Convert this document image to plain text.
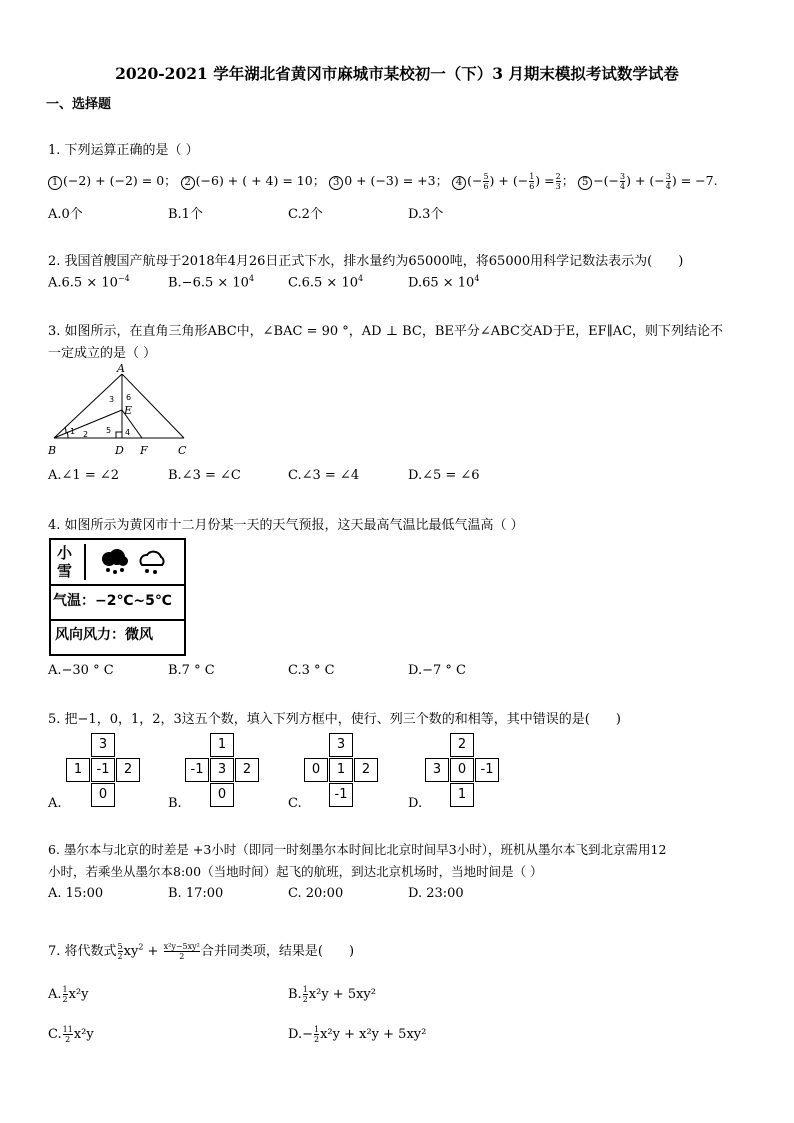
2020-2021 学年湖北省黄冈市麻城市某校初一（下）3 月期末模拟考试数学试卷
一、选择题
1. 下列运算正确的是（ ）
1 (−2) + (−2) = 0； 2 (−6) + ( + 4) = 10； 3 0 + (−3) = +3； 4 (− $\frac{5}{6}$ ) + (− $\frac{1}{6}$ ) = $\frac{2}{3}$ ； 5 −(− $\frac{3}{4}$ ) + (− $\frac{3}{4}$ ) = −7.
A.0个	B.1个	C.2个	D.3个
2. 我国首艘国产航母于2018年4月26日正式下水，排水量约为65000吨，将65000用科学记数法表示为(　　)
$A.6.5 \times 10^{-4}$	$B.-6.5 \times 10^4$	$C.6.5 \times 10^4$	$D.65 \times 10^4$
3. 如图所示，在直角三角形ABC中，∠BAC = 90 °，AD ⊥ BC，BE平分∠ABC交AD于E，EF∥AC，则下列结论不
一定成立的是（ ）
A
B	C
D
E
F
1 2
3
4
5
6
A.∠1 = ∠2	B.∠3 = ∠C	C.∠3 = ∠4	D.∠5 = ∠6
4. 如图所示为黄冈市十二月份某一天的天气预报，这天最高气温比最低气温高（ ）
小
雪
气温：−2℃~5℃
风向风力：微风
A.−30 ° C	B.7 ° C	C.3 ° C	D.−7 ° C
5. 把−1，0，1，2，3这五个数，填入下列方框中，使行、列三个数的和相等，其中错误的是(　　)
3
1	-1	2
0
A.
1
-1	3	2
0
B.
3
0	1	2
-1
C.
2
3	0	-1
1
D.
6. 墨尔本与北京的时差是 +3小时（即同一时刻墨尔本时间比北京时间早3小时），班机从墨尔本飞到北京需用12
小时，若乘坐从墨尔本8:00（当地时间）起飞的航班，到达北京机场时，当地时间是（ ）
A. 15:00	B. 17:00	C. 20:00	D. 23:00
7. 将代数式 $\frac{5}{2} xy^2 + \frac{\text{x²y−5xy²}}{2}$ 合并同类项，结果是(　　)
A. $\frac{1}{2} x^2y$	B. $\frac{1}{2} x^2y + 5xy^2$
C. $\frac{11}{2} x^2y$	$D.- \frac{1}{2} x^2y + x^2y + 5xy^2$
